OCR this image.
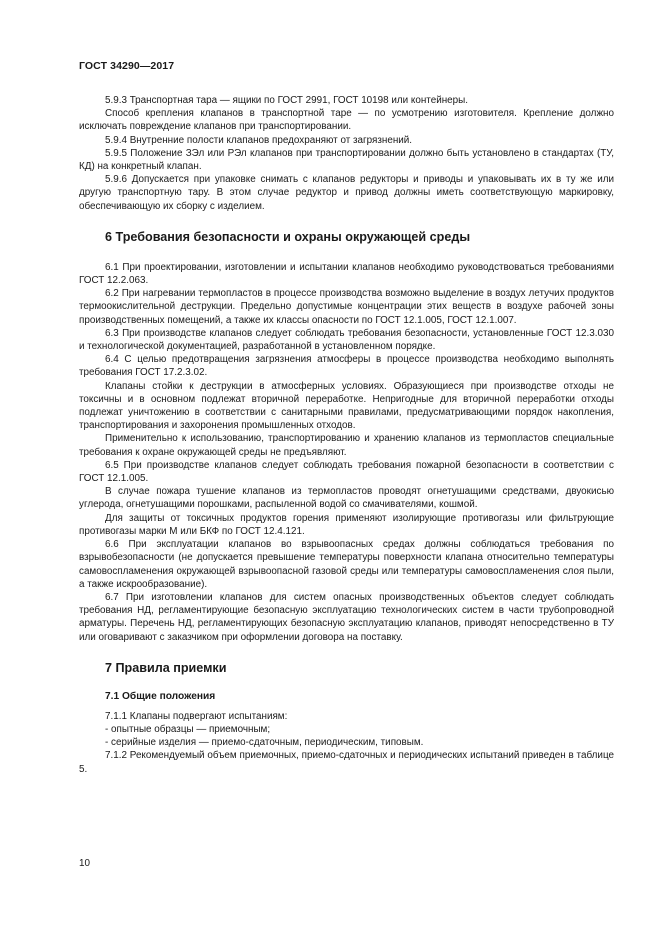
ГОСТ 34290—2017

5.9.3 Транспортная тара — ящики по ГОСТ 2991, ГОСТ 10198 или контейнеры.

Способ крепления клапанов в транспортной таре — по усмотрению изготовителя. Крепление должно исключать повреждение клапанов при транспортировании.

5.9.4 Внутренние полости клапанов предохраняют от загрязнений.

5.9.5 Положение ЗЭл или РЭл клапанов при транспортировании должно быть установлено в стандартах (ТУ, КД) на конкретный клапан.

5.9.6 Допускается при упаковке снимать с клапанов редукторы и приводы и упаковывать их в ту же или другую транспортную тару. В этом случае редуктор и привод должны иметь соответствующую маркировку, обеспечивающую их сборку с изделием.

6 Требования безопасности и охраны окружающей среды

6.1 При проектировании, изготовлении и испытании клапанов необходимо руководствоваться требованиями ГОСТ 12.2.063.

6.2 При нагревании термопластов в процессе производства возможно выделение в воздух летучих продуктов термоокислительной деструкции. Предельно допустимые концентрации этих веществ в воздухе рабочей зоны производственных помещений, а также их классы опасности по ГОСТ 12.1.005, ГОСТ 12.1.007.

6.3 При производстве клапанов следует соблюдать требования безопасности, установленные ГОСТ 12.3.030 и технологической документацией, разработанной в установленном порядке.

6.4 С целью предотвращения загрязнения атмосферы в процессе производства необходимо выполнять требования ГОСТ 17.2.3.02.

Клапаны стойки к деструкции в атмосферных условиях. Образующиеся при производстве отходы не токсичны и в основном подлежат вторичной переработке. Непригодные для вторичной переработки отходы подлежат уничтожению в соответствии с санитарными правилами, предусматривающими порядок накопления, транспортирования и захоронения промышленных отходов.

Применительно к использованию, транспортированию и хранению клапанов из термопластов специальные требования к охране окружающей среды не предъявляют.

6.5 При производстве клапанов следует соблюдать требования пожарной безопасности в соответствии с ГОСТ 12.1.005.

В случае пожара тушение клапанов из термопластов проводят огнетушащими средствами, двуокисью углерода, огнетушащими порошками, распыленной водой со смачивателями, кошмой.

Для защиты от токсичных продуктов горения применяют изолирующие противогазы или фильтрующие противогазы марки М или БКФ по ГОСТ 12.4.121.

6.6 При эксплуатации клапанов во взрывоопасных средах должны соблюдаться требования по взрывобезопасности (не допускается превышение температуры поверхности клапана относительно температуры самовоспламенения окружающей взрывоопасной газовой среды или температуры самовоспламенения слоя пыли, а также искрообразование).

6.7 При изготовлении клапанов для систем опасных производственных объектов следует соблюдать требования НД, регламентирующие безопасную эксплуатацию технологических систем в части трубопроводной арматуры. Перечень НД, регламентирующих безопасную эксплуатацию клапанов, приводят непосредственно в ТУ или оговаривают с заказчиком при оформлении договора на поставку.

7 Правила приемки
7.1 Общие положения

7.1.1 Клапаны подвергают испытаниям:

- опытные образцы — приемочным;

- серийные изделия — приемо-сдаточным, периодическим, типовым.

7.1.2 Рекомендуемый объем приемочных, приемо-сдаточных и периодических испытаний приведен в таблице 5.

10
